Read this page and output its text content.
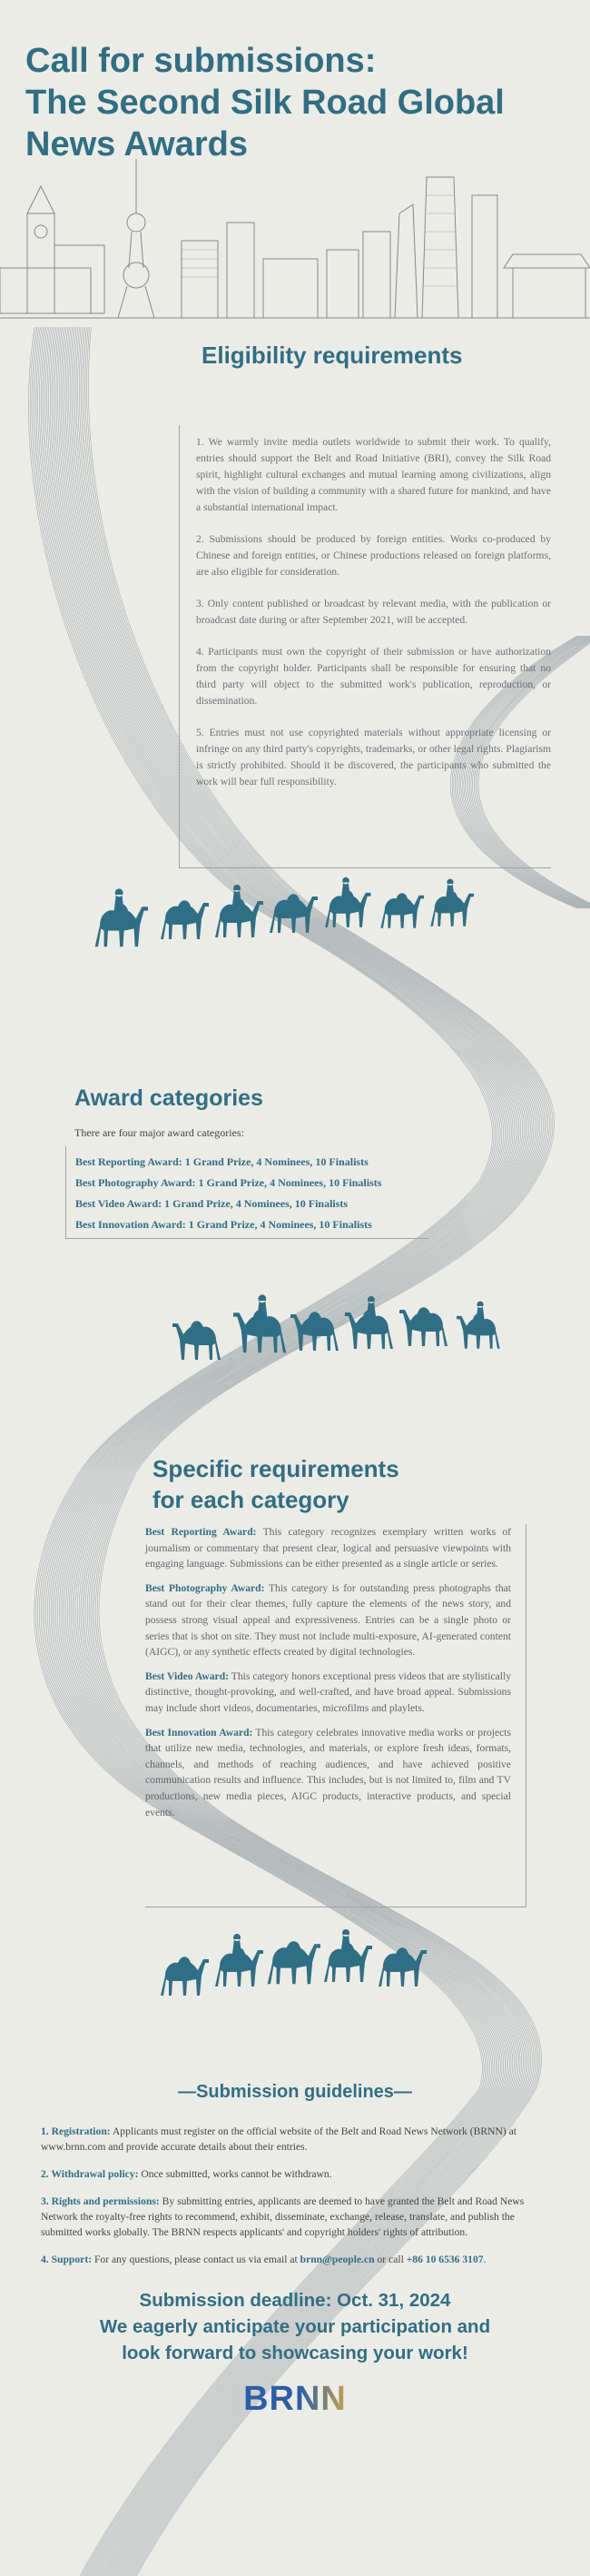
Call for submissions:
The Second Silk Road Global
News Awards
Eligibility requirements

1. We warmly invite media outlets worldwide to submit their work. To qualify, entries should support the Belt and Road Initiative (BRI), convey the Silk Road spirit, highlight cultural exchanges and mutual learning among civilizations, align with the vision of building a community with a shared future for mankind, and have a substantial international impact.

2. Submissions should be produced by foreign entities. Works co-produced by Chinese and foreign entities, or Chinese productions released on foreign platforms, are also eligible for consideration.

3. Only content published or broadcast by relevant media, with the publication or broadcast date during or after September 2021, will be accepted.

4. Participants must own the copyright of their submission or have authorization from the copyright holder. Participants shall be responsible for ensuring that no third party will object to the submitted work's publication, reproduction, or dissemination.

5. Entries must not use copyrighted materials without appropriate licensing or infringe on any third party's copyrights, trademarks, or other legal rights. Plagiarism is strictly prohibited. Should it be discovered, the participants who submitted the work will bear full responsibility.

Award categories
There are four major award categories:
Best Reporting Award: 1 Grand Prize, 4 Nominees, 10 Finalists
Best Photography Award: 1 Grand Prize, 4 Nominees, 10 Finalists
Best Video Award: 1 Grand Prize, 4 Nominees, 10 Finalists
Best Innovation Award: 1 Grand Prize, 4 Nominees, 10 Finalists
Specific requirements
for each category

Best Reporting Award: This category recognizes exemplary written works of journalism or commentary that present clear, logical and persuasive viewpoints with engaging language. Submissions can be either presented as a single article or series.

Best Photography Award: This category is for outstanding press photographs that stand out for their clear themes, fully capture the elements of the news story, and possess strong visual appeal and expressiveness. Entries can be a single photo or series that is shot on site. They must not include multi-exposure, AI-generated content (AIGC), or any synthetic effects created by digital technologies.

Best Video Award: This category honors exceptional press videos that are stylistically distinctive, thought-provoking, and well-crafted, and have broad appeal. Submissions may include short videos, documentaries, microfilms and playlets.

Best Innovation Award: This category celebrates innovative media works or projects that utilize new media, technologies, and materials, or explore fresh ideas, formats, channels, and methods of reaching audiences, and have achieved positive communication results and influence. This includes, but is not limited to, film and TV productions, new media pieces, AIGC products, interactive products, and special events.

—Submission guidelines—

1. Registration: Applicants must register on the official website of the Belt and Road News Network (BRNN) at www.brnn.com and provide accurate details about their entries.

2. Withdrawal policy: Once submitted, works cannot be withdrawn.

3. Rights and permissions: By submitting entries, applicants are deemed to have granted the Belt and Road News Network the royalty-free rights to recommend, exhibit, disseminate, exchange, release, translate, and publish the submitted works globally. The BRNN respects applicants' and copyright holders' rights of attribution.

4. Support: For any questions, please contact us via email at brnn@people.cn or call +86 10 6536 3107.

Submission deadline: Oct. 31, 2024
We eagerly anticipate your participation and
look forward to showcasing your work!
BRNN
